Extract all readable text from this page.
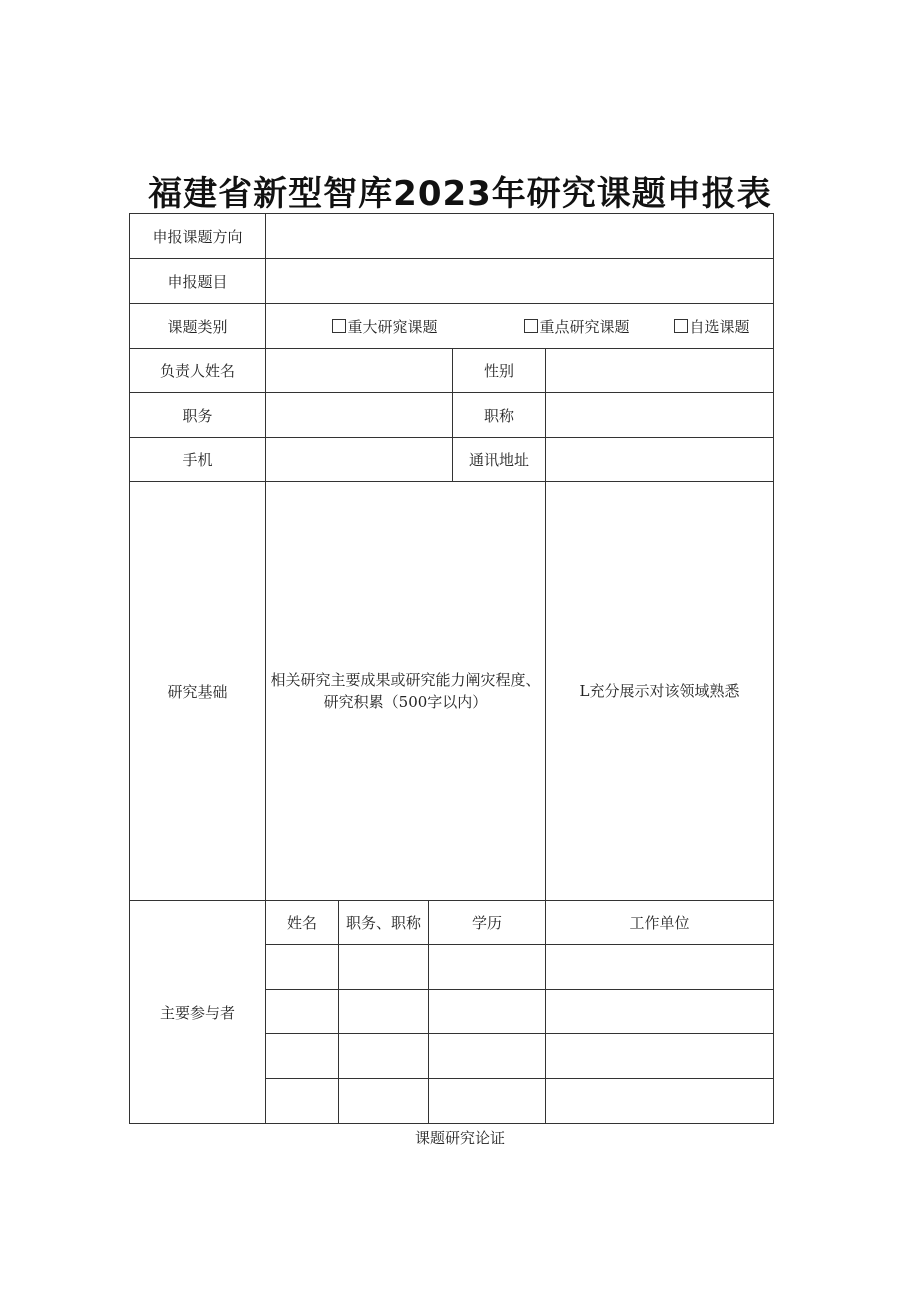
福建省新型智库2023年研究课题申报表
申报课题方向					
申报题目					
课题类别	重大研窕课题 重点研究课题 自选课题				
负责人姓名				性别	
职务				职称	
手机				通讯地址	
研究基础	相关研究主要成果或研究能力阐灾程度、研究积累（500字以内）				L充分展示对该领域熟悉
主要参与者	姓名	职务、职称	学历		工作单位

课题研究论证
